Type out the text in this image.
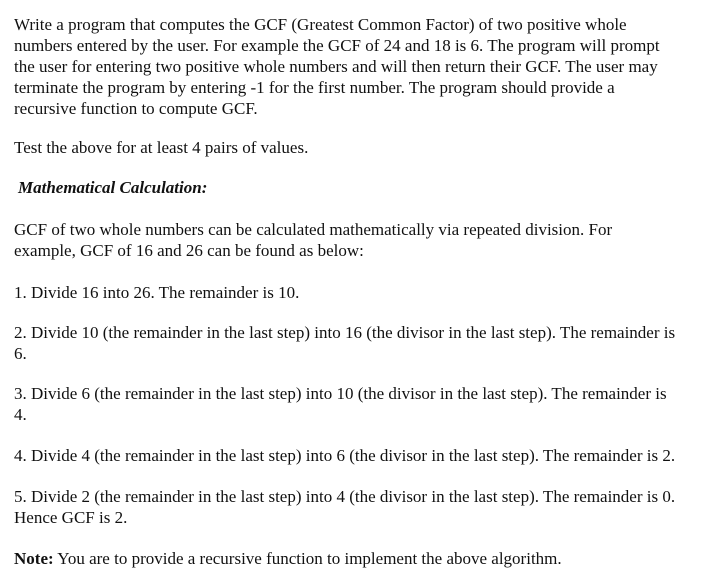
Write a program that computes the GCF (Greatest Common Factor) of two positive whole
numbers entered by the user. For example the GCF of 24 and 18 is 6. The program will prompt
the user for entering two positive whole numbers and will then return their GCF. The user may
terminate the program by entering -1 for the first number. The program should provide a
recursive function to compute GCF.

Test the above for at least 4 pairs of values.

Mathematical Calculation:

GCF of two whole numbers can be calculated mathematically via repeated division. For
example, GCF of 16 and 26 can be found as below:

1. Divide 16 into 26. The remainder is 10.

2. Divide 10 (the remainder in the last step) into 16 (the divisor in the last step). The remainder is
6.

3. Divide 6 (the remainder in the last step) into 10 (the divisor in the last step). The remainder is
4.

4. Divide 4 (the remainder in the last step) into 6 (the divisor in the last step). The remainder is 2.

5. Divide 2 (the remainder in the last step) into 4 (the divisor in the last step). The remainder is 0.
Hence GCF is 2.

Note: You are to provide a recursive function to implement the above algorithm.
